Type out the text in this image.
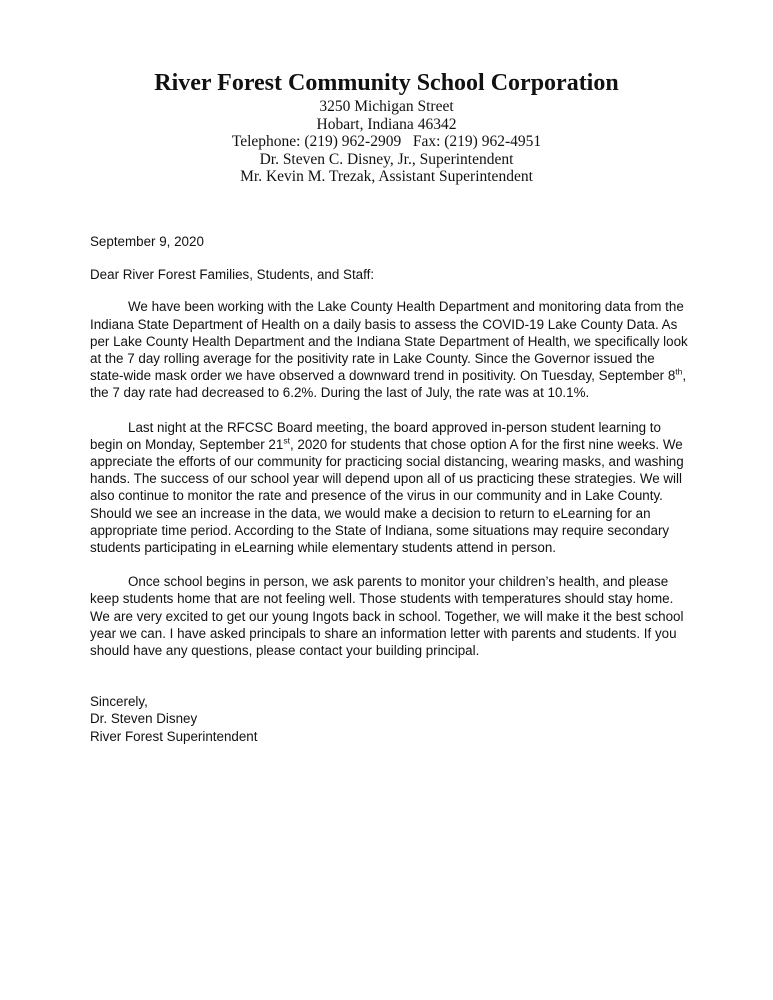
River Forest Community School Corporation

3250 Michigan Street

Hobart, Indiana 46342

Telephone: (219) 962-2909   Fax: (219) 962-4951

Dr. Steven C. Disney, Jr., Superintendent

Mr. Kevin M. Trezak, Assistant Superintendent

September 9, 2020

Dear River Forest Families, Students, and Staff:

We have been working with the Lake County Health Department and monitoring data from the Indiana State Department of Health on a daily basis to assess the COVID-19 Lake County Data. As per Lake County Health Department and the Indiana State Department of Health, we specifically look at the 7 day rolling average for the positivity rate in Lake County. Since the Governor issued the state-wide mask order we have observed a downward trend in positivity. On Tuesday, September 8th, the 7 day rate had decreased to 6.2%. During the last of July, the rate was at 10.1%.

Last night at the RFCSC Board meeting, the board approved in-person student learning to begin on Monday, September 21st, 2020 for students that chose option A for the first nine weeks. We appreciate the efforts of our community for practicing social distancing, wearing masks, and washing hands. The success of our school year will depend upon all of us practicing these strategies. We will also continue to monitor the rate and presence of the virus in our community and in Lake County. Should we see an increase in the data, we would make a decision to return to eLearning for an appropriate time period. According to the State of Indiana, some situations may require secondary students participating in eLearning while elementary students attend in person.

Once school begins in person, we ask parents to monitor your children’s health, and please keep students home that are not feeling well. Those students with temperatures should stay home. We are very excited to get our young Ingots back in school. Together, we will make it the best school year we can. I have asked principals to share an information letter with parents and students. If you should have any questions, please contact your building principal.

Sincerely,
Dr. Steven Disney
River Forest Superintendent
